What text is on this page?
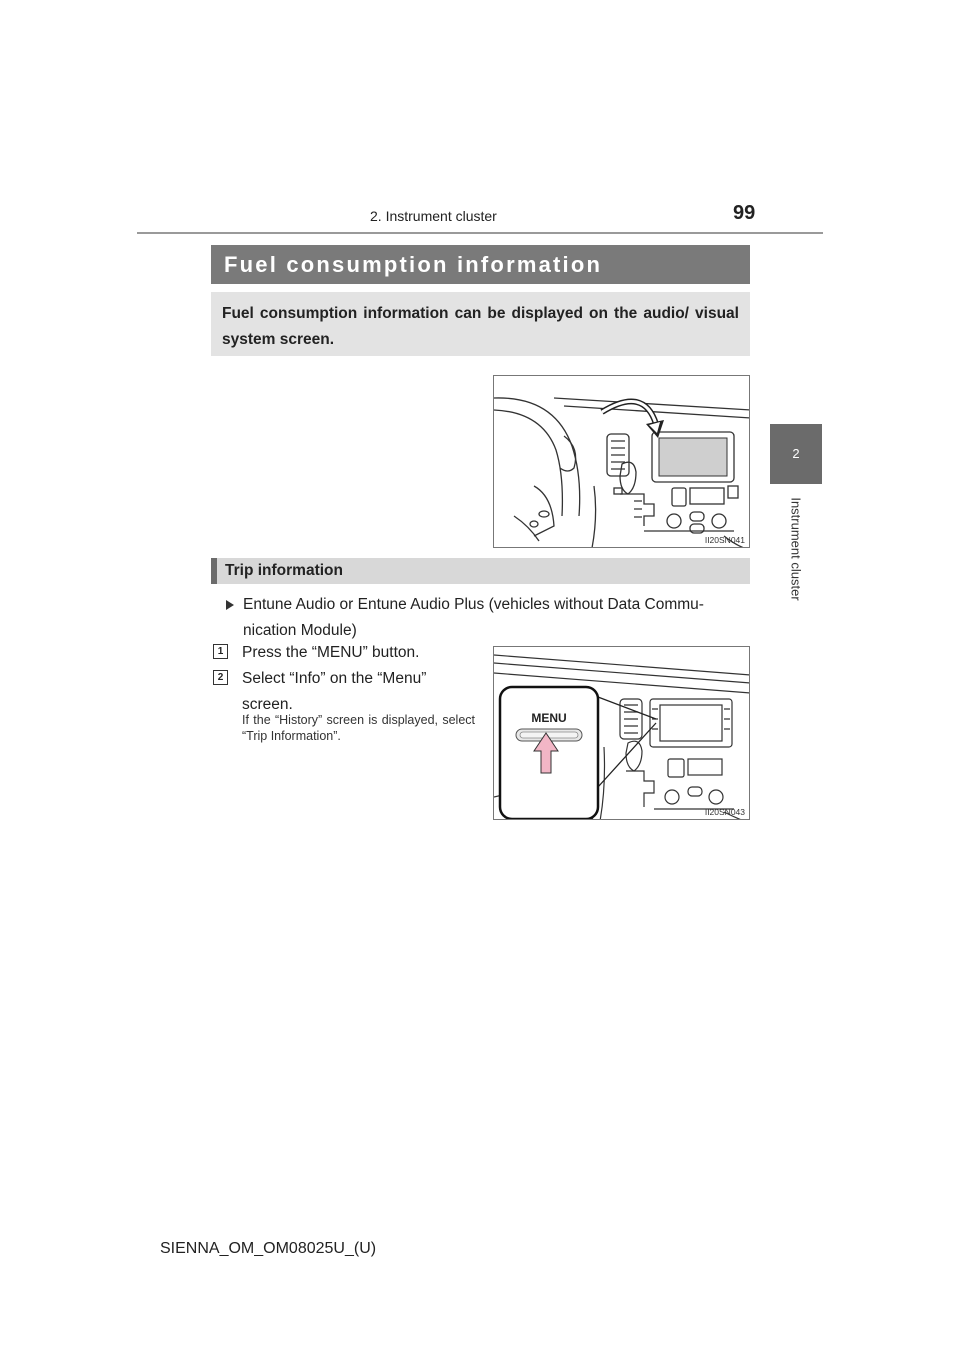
2. Instrument cluster	99
2
Instrument cluster
Fuel consumption information
Fuel consumption information can be displayed on the audio/ visual system screen.
II20SN041
Trip information
Entune Audio or Entune Audio Plus (vehicles without Data Commu- nication Module)
1	Press the “MENU” button.
2	Select “Info” on the “Menu” screen.
If the “History” screen is displayed, select “Trip Information”.
MENU
II20SN043
SIENNA_OM_OM08025U_(U)
